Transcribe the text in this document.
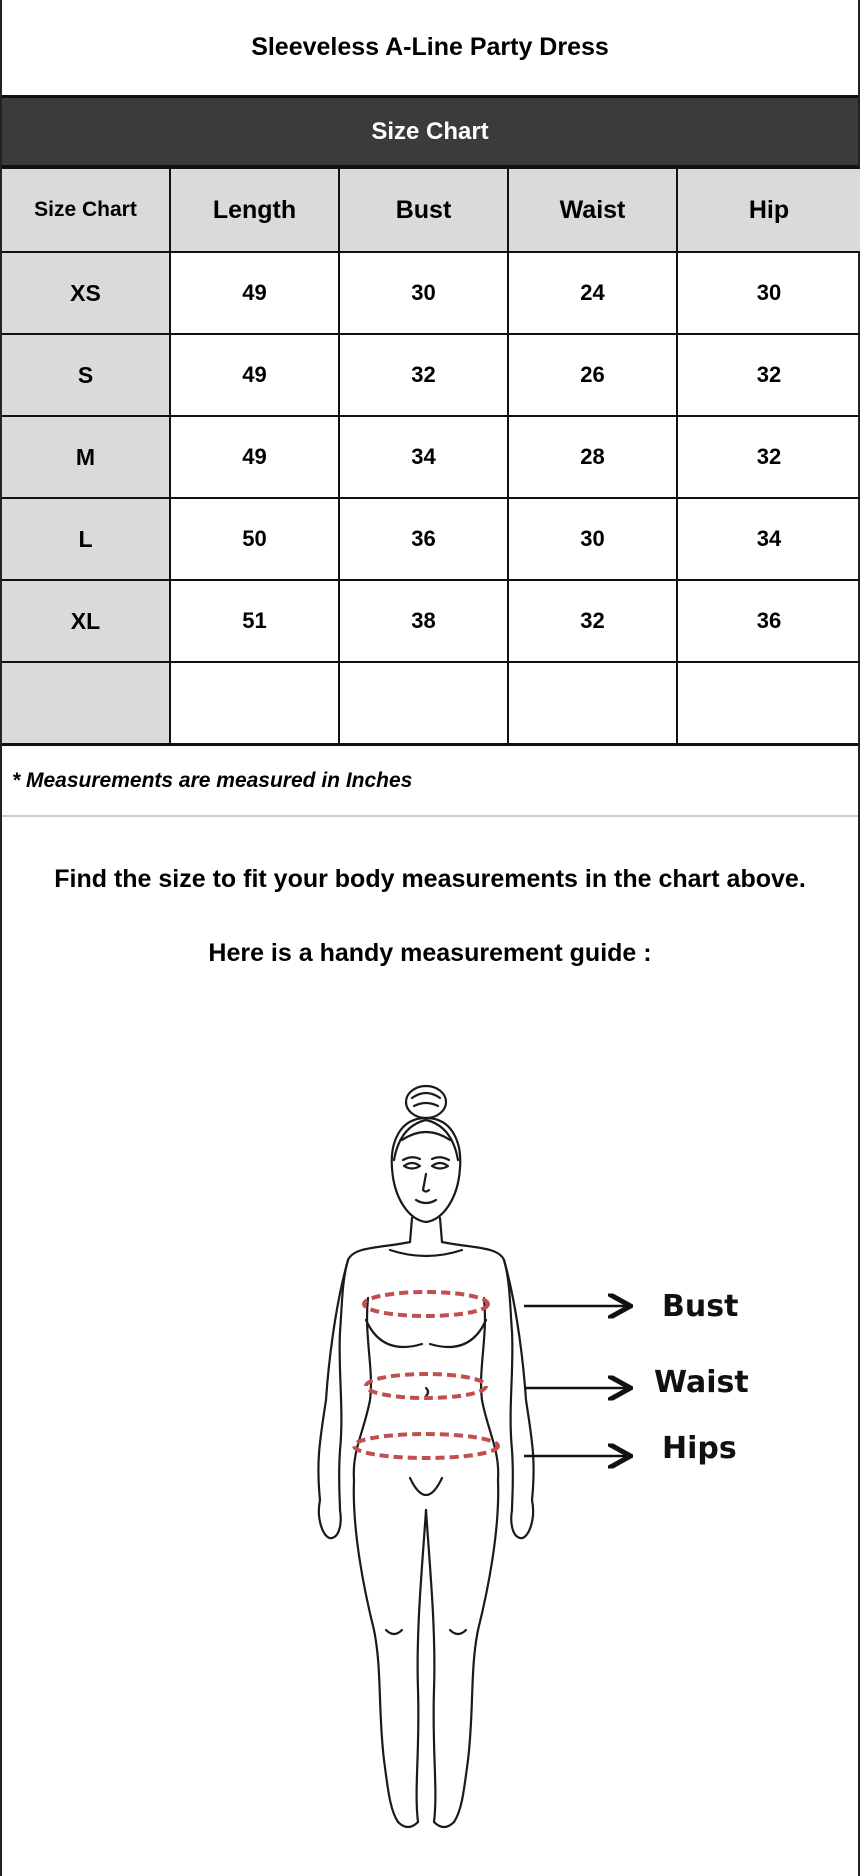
Sleeveless A-Line Party Dress
Size Chart
Size Chart	Length	Bust	Waist	Hip
XS	49	30	24	30
S	49	32	26	32
M	49	34	28	32
L	50	36	30	34
XL	51	38	32	36

* Measurements are measured in Inches
Find the size to fit your body measurements in the chart above.
Here is a handy measurement guide :
Bust
Waist
Hips
